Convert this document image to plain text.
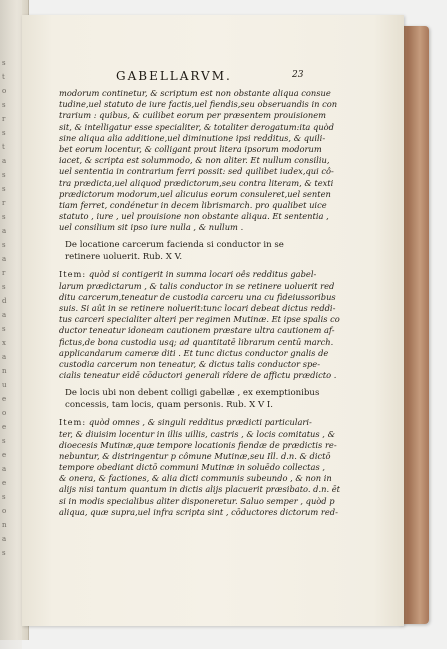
s
t
o
s
r
s
t
a
s
s
r
s
a
s
a
r
s
d
a
s
x
a
n
u
e
o
e
s
e
a
e
s
o
n
a
s
GABELLARVM.	23
modorum continetur, & scriptum est non obstante aliqua consue
tudine,uel statuto de iure factis,uel fiendis,seu obseruandis in con
trarium : quibus, & cuilibet eorum per præsentem prouisionem
sit, & intelligatur esse specialiter, & totaliter derogatum:ita quòd
sine aliqua alia additione,uel diminutione ipsi redditus, & quili-
bet eorum locentur, & colligant prout litera ipsorum modorum
iacet, & scripta est solummodo, & non aliter. Et nullum consiliu,
uel sententia in contrarium ferri possit: sed quilibet iudex,qui cô-
tra prædicta,uel aliquod prædictorum,seu contra literam, & texti
prædictorum modorum,uel alicuius eorum consuleret,uel senten
tiam ferret, condénetur in decem librismarch. pro qualibet uice
statuto , iure , uel prouisione non obstante aliqua. Et sententia ,
uel consilium sit ipso iure nulla , & nullum .
De locatione carcerum facienda si conductor in se
retinere uoluerit. Rub. X V.
Item: quòd si contigerit in summa locari oês redditus gabel-
larum prædictarum , & talis conductor in se retinere uoluerit red
ditu carcerum,teneatur de custodia carceru una cu fideiussoribus
suis. Si aût in se retinere noluerit:tunc locari debeat dictus reddi-
tus carceri specialiter alteri per regimen Mutinæ. Et ipse spalis co
ductor teneatur idoneam cautionem præstare ultra cautionem af-
fictus,de bona custodia usq; ad quantitatē librarum centū march.
applicandarum cameræ diti . Et tunc dictus conductor gnalis de
custodia carcerum non teneatur, & dictus talis conductor spe-
cialis teneatur eidē cōductori generali rîdere de affictu prædicto .
De locis ubi non debent colligi gabellæ , ex exemptionibus
concessis, tam locis, quam personis. Rub. X V I.
Item: quòd omnes , & singuli redditus prædicti particulari-
ter, & diuisim locentur in illis uillis, castris , & locis comitatus , &
dioecesis Mutinæ,quæ tempore locationis fiendæ de prædictis re-
nebuntur, & distringentur p cômune Mutinæ,seu Ill. d.n. & dictō
tempore obediant dictō communi Mutinæ in soluēdo collectas ,
& onera, & factiones, & alia dicti communis subeundo , & non in
alijs nisi tantum quantum in dictis alijs placuerit præsibato. d.n. ēt
si in modis specialibus aliter disponeretur. Saluo semper , quòd p
aliqua, quæ supra,uel infra scripta sint , cōductores dictorum red-
